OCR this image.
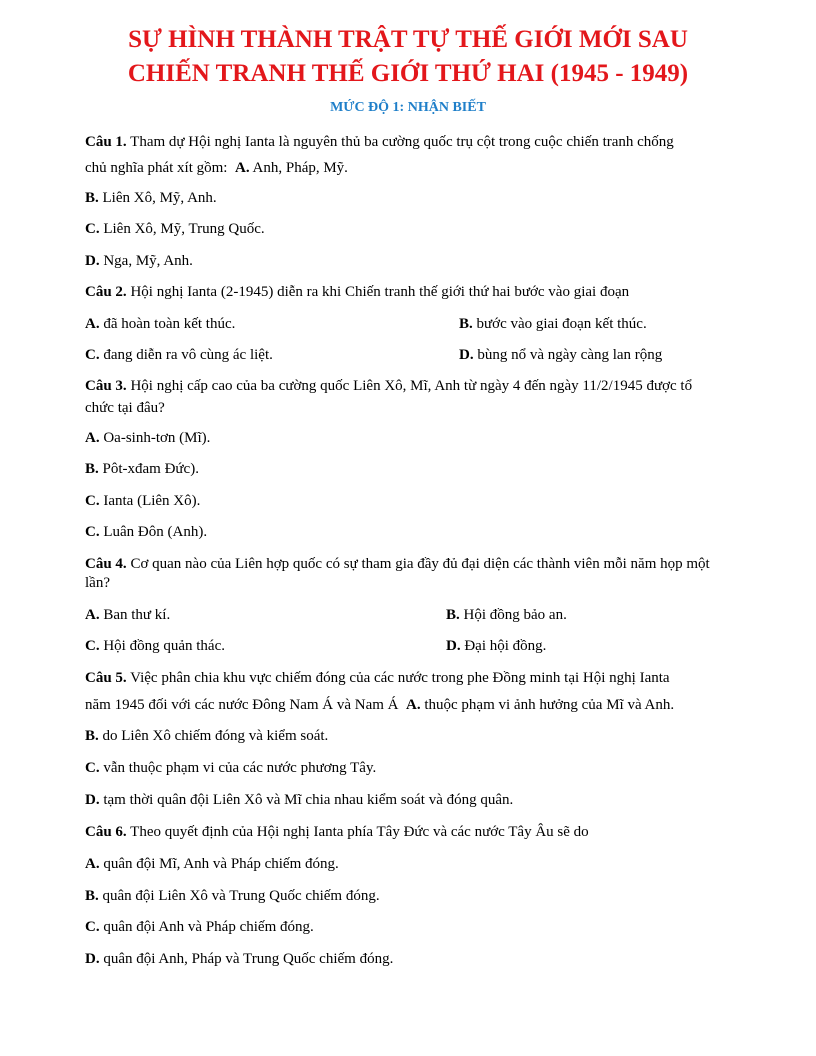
SỰ HÌNH THÀNH TRẬT TỰ THẾ GIỚI MỚI SAU
CHIẾN TRANH THẾ GIỚI THỨ HAI (1945 - 1949)
MỨC ĐỘ 1: NHẬN BIẾT
Câu 1. Tham dự Hội nghị Ianta là nguyên thủ ba cường quốc trụ cột trong cuộc chiến tranh chống
chủ nghĩa phát xít gồm: A. Anh, Pháp, Mỹ.
B. Liên Xô, Mỹ, Anh.
C. Liên Xô, Mỹ, Trung Quốc.
D. Nga, Mỹ, Anh.
Câu 2. Hội nghị Ianta (2-1945) diễn ra khi Chiến tranh thế giới thứ hai bước vào giai đoạn
A. đã hoàn toàn kết thúc.	B. bước vào giai đoạn kết thúc.
C. đang diễn ra vô cùng ác liệt.	D. bùng nổ và ngày càng lan rộng
Câu 3. Hội nghị cấp cao của ba cường quốc Liên Xô, Mĩ, Anh từ ngày 4 đến ngày 11/2/1945 được tổ
chức tại đâu?
A. Oa-sinh-tơn (Mĩ).
B. Pôt-xđam Đức).
C. Ianta (Liên Xô).
C. Luân Đôn (Anh).
Câu 4. Cơ quan nào của Liên hợp quốc có sự tham gia đầy đủ đại diện các thành viên mỗi năm họp một
lần?
A. Ban thư kí.	B. Hội đồng bảo an.
C. Hội đồng quản thác.	D. Đại hội đồng.
Câu 5. Việc phân chia khu vực chiếm đóng của các nước trong phe Đồng minh tại Hội nghị Ianta
năm 1945 đối với các nước Đông Nam Á và Nam Á A. thuộc phạm vi ảnh hưởng của Mĩ và Anh.
B. do Liên Xô chiếm đóng và kiểm soát.
C. vẫn thuộc phạm vi của các nước phương Tây.
D. tạm thời quân đội Liên Xô và Mĩ chia nhau kiểm soát và đóng quân.
Câu 6. Theo quyết định của Hội nghị Ianta phía Tây Đức và các nước Tây Âu sẽ do
A. quân đội Mĩ, Anh và Pháp chiếm đóng.
B. quân đội Liên Xô và Trung Quốc chiếm đóng.
C. quân đội Anh và Pháp chiếm đóng.
D. quân đội Anh, Pháp và Trung Quốc chiếm đóng.
